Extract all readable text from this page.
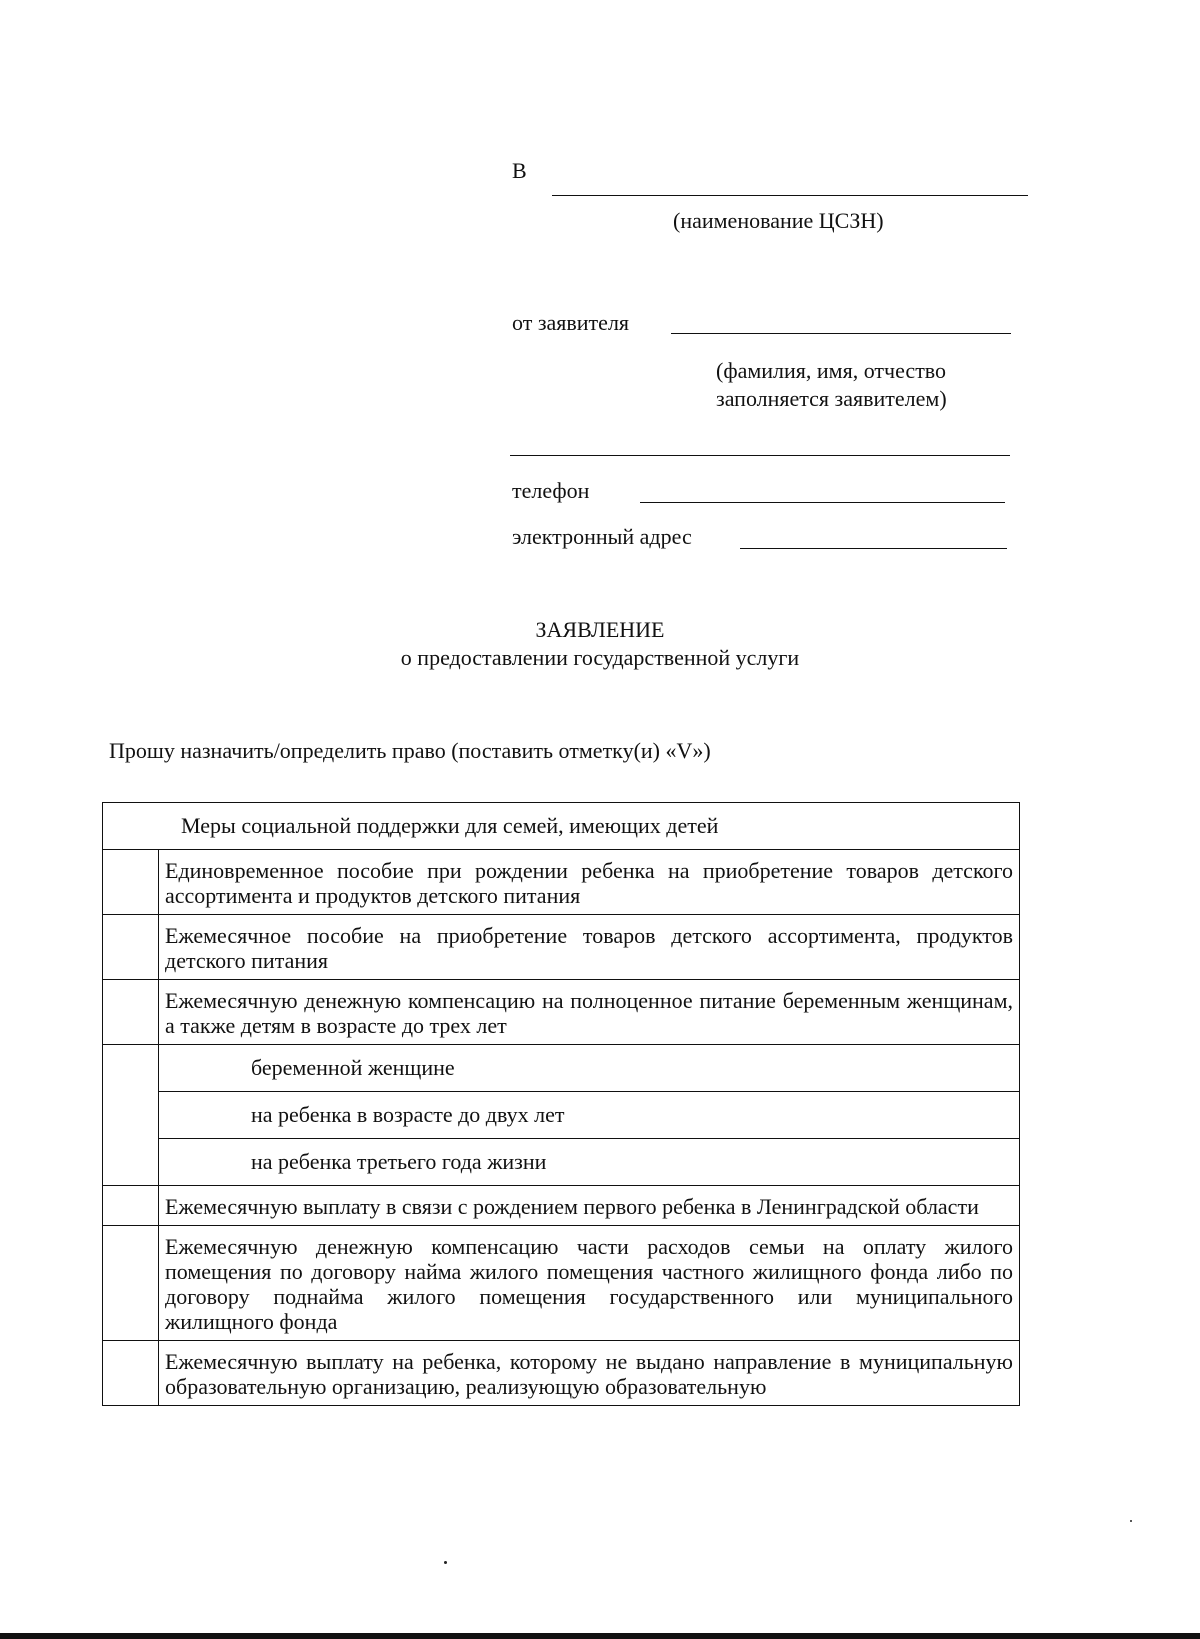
В
(наименование ЦСЗН)
от заявителя
(фамилия, имя, отчество заполняется заявителем)
телефон
электронный адрес
ЗАЯВЛЕНИЕ
о предоставлении государственной услуги
Прошу назначить/определить право (поставить отметку(и) «V»)
Меры социальной поддержки для семей, имеющих детей
	Единовременное пособие при рождении ребенка на приобретение товаров детского ассортимента и продуктов детского питания
	Ежемесячное пособие на приобретение товаров детского ассортимента, продуктов детского питания
	Ежемесячную денежную компенсацию на полноценное питание беременным женщинам, а также детям в возрасте до трех лет

	беременной женщине
	на ребенка в возрасте до двух лет
	на ребенка третьего года жизни

	Ежемесячную выплату в связи с рождением первого ребенка в Ленинградской области
	Ежемесячную денежную компенсацию части расходов семьи на оплату жилого помещения по договору найма жилого помещения частного жилищного фонда либо по договору поднайма жилого помещения государственного или муниципального жилищного фонда
	Ежемесячную выплату на ребенка, которому не выдано направление в муниципальную образовательную организацию, реализующую образовательную
